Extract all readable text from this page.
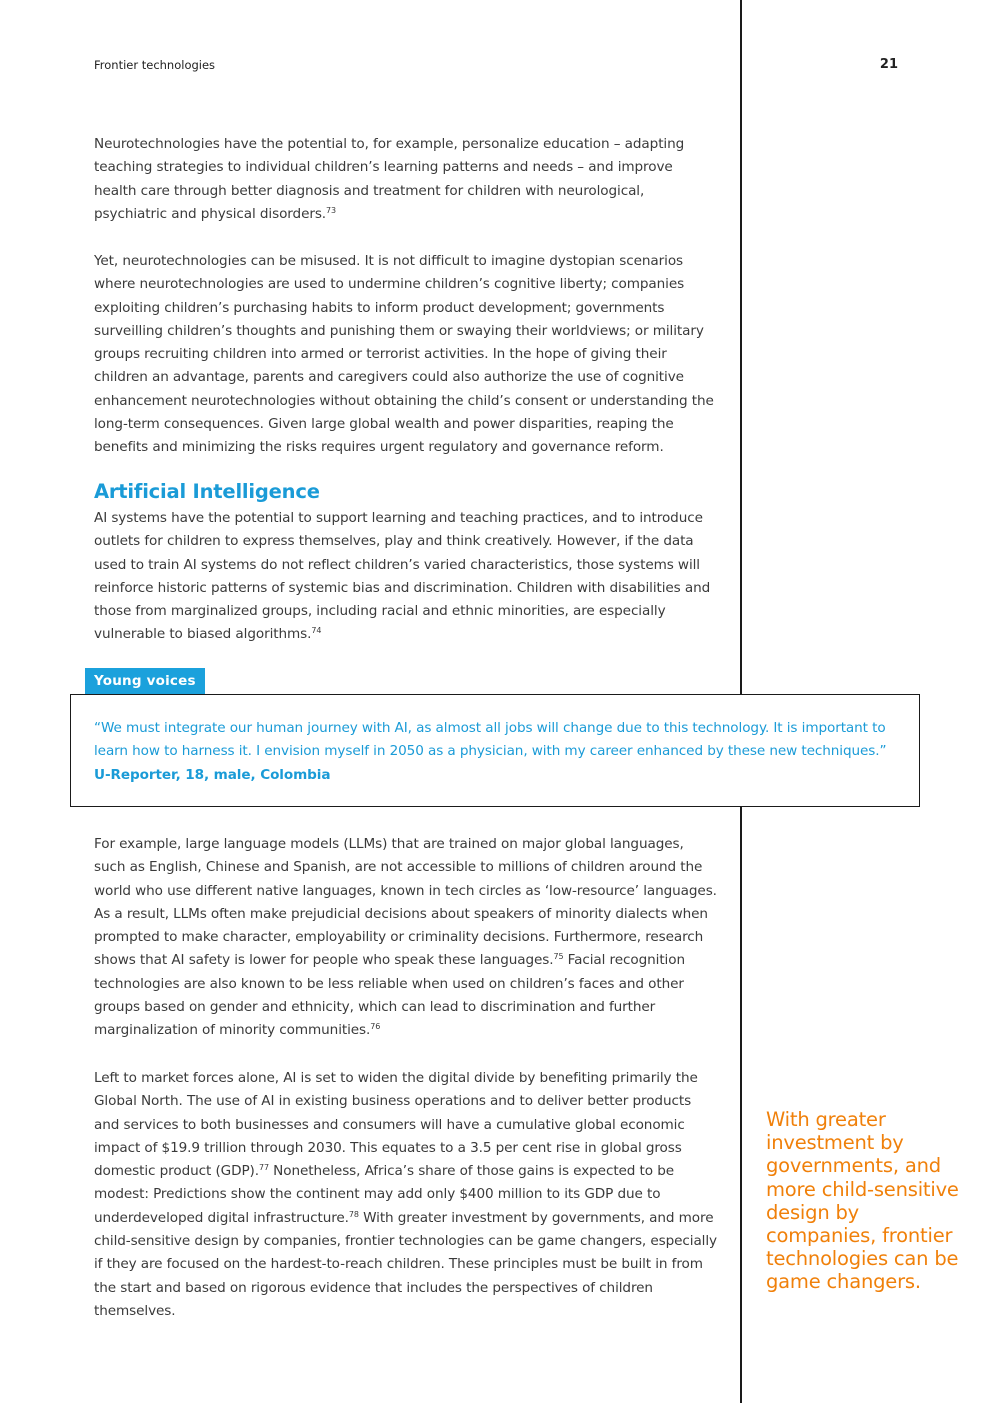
Frontier technologies	21

Neurotechnologies have the potential to, for example, personalize education – adapting teaching strategies to individual children’s learning patterns and needs – and improve health care through better diagnosis and treatment for children with neurological, psychiatric and physical disorders.$^{73}$

Yet, neurotechnologies can be misused. It is not difficult to imagine dystopian scenarios where neurotechnologies are used to undermine children’s cognitive liberty; companies exploiting children’s purchasing habits to inform product development; governments surveilling children’s thoughts and punishing them or swaying their worldviews; or military groups recruiting children into armed or terrorist activities. In the hope of giving their children an advantage, parents and caregivers could also authorize the use of cognitive enhancement neurotechnologies without obtaining the child’s consent or understanding the long-term consequences. Given large global wealth and power disparities, reaping the benefits and minimizing the risks requires urgent regulatory and governance reform.

Artificial Intelligence

AI systems have the potential to support learning and teaching practices, and to introduce outlets for children to express themselves, play and think creatively. However, if the data used to train AI systems do not reflect children’s varied characteristics, those systems will reinforce historic patterns of systemic bias and discrimination. Children with disabilities and those from marginalized groups, including racial and ethnic minorities, are especially vulnerable to biased algorithms.$^{74}$

Young voices

“We must integrate our human journey with AI, as almost all jobs will change due to this technology. It is important to learn how to harness it. I envision myself in 2050 as a physician, with my career enhanced by these new techniques.”
U-Reporter, 18, male, Colombia

For example, large language models (LLMs) that are trained on major global languages, such as English, Chinese and Spanish, are not accessible to millions of children around the world who use different native languages, known in tech circles as ‘low-resource’ languages. As a result, LLMs often make prejudicial decisions about speakers of minority dialects when prompted to make character, employability or criminality decisions. Furthermore, research shows that AI safety is lower for people who speak these languages.$^{75}$ Facial recognition technologies are also known to be less reliable when used on children’s faces and other groups based on gender and ethnicity, which can lead to discrimination and further marginalization of minority communities.$^{76}$

Left to market forces alone, AI is set to widen the digital divide by benefiting primarily the Global North. The use of AI in existing business operations and to deliver better products and services to both businesses and consumers will have a cumulative global economic impact of $19.9 trillion through 2030. This equates to a 3.5 per cent rise in global gross domestic product (GDP).$^{77}$ Nonetheless, Africa’s share of those gains is expected to be modest: Predictions show the continent may add only $400 million to its GDP due to underdeveloped digital infrastructure.$^{78}$ With greater investment by governments, and more child-sensitive design by companies, frontier technologies can be game changers, especially if they are focused on the hardest-to-reach children. These principles must be built in from the start and based on rigorous evidence that includes the perspectives of children themselves.

With greater investment by governments, and more child-sensitive design by companies, frontier technologies can be game changers.
